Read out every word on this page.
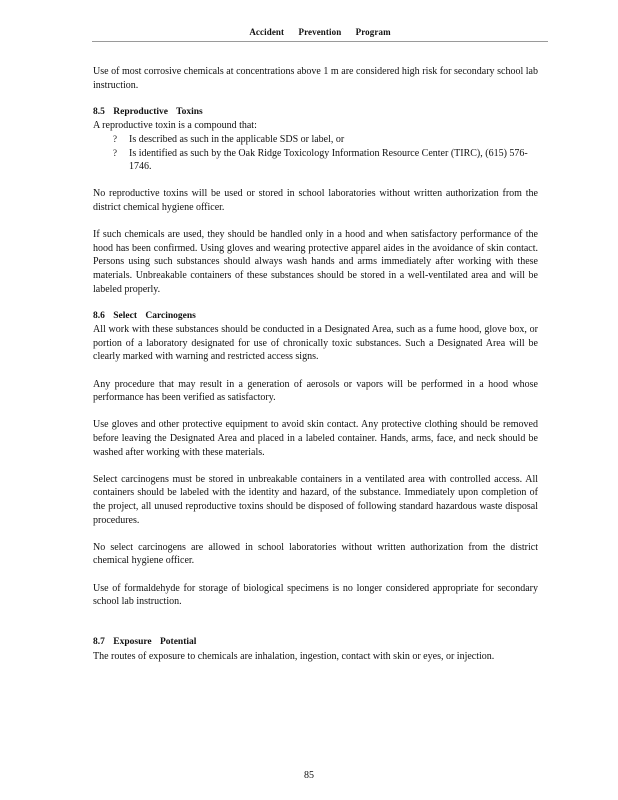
Accident Prevention Program

Use of most corrosive chemicals at concentrations above 1 m are considered high risk for secondary school lab instruction.

8.5 Reproductive Toxins
A reproductive toxin is a compound that:
?	Is described as such in the applicable SDS or label, or
?	Is identified as such by the Oak Ridge Toxicology Information Resource Center (TIRC), (615) 576-1746.

No reproductive toxins will be used or stored in school laboratories without written authorization from the district chemical hygiene officer.

If such chemicals are used, they should be handled only in a hood and when satisfactory performance of the hood has been confirmed. Using gloves and wearing protective apparel aides in the avoidance of skin contact. Persons using such substances should always wash hands and arms immediately after working with these materials. Unbreakable containers of these substances should be stored in a well-ventilated area and will be labeled properly.

8.6 Select Carcinogens

All work with these substances should be conducted in a Designated Area, such as a fume hood, glove box, or portion of a laboratory designated for use of chronically toxic substances. Such a Designated Area will be clearly marked with warning and restricted access signs.

Any procedure that may result in a generation of aerosols or vapors will be performed in a hood whose performance has been verified as satisfactory.

Use gloves and other protective equipment to avoid skin contact. Any protective clothing should be removed before leaving the Designated Area and placed in a labeled container. Hands, arms, face, and neck should be washed after working with these materials.

Select carcinogens must be stored in unbreakable containers in a ventilated area with controlled access. All containers should be labeled with the identity and hazard, of the substance. Immediately upon completion of the project, all unused reproductive toxins should be disposed of following standard hazardous waste disposal procedures.

No select carcinogens are allowed in school laboratories without written authorization from the district chemical hygiene officer.

Use of formaldehyde for storage of biological specimens is no longer considered appropriate for secondary school lab instruction.

8.7 Exposure Potential

The routes of exposure to chemicals are inhalation, ingestion, contact with skin or eyes, or injection.

85
